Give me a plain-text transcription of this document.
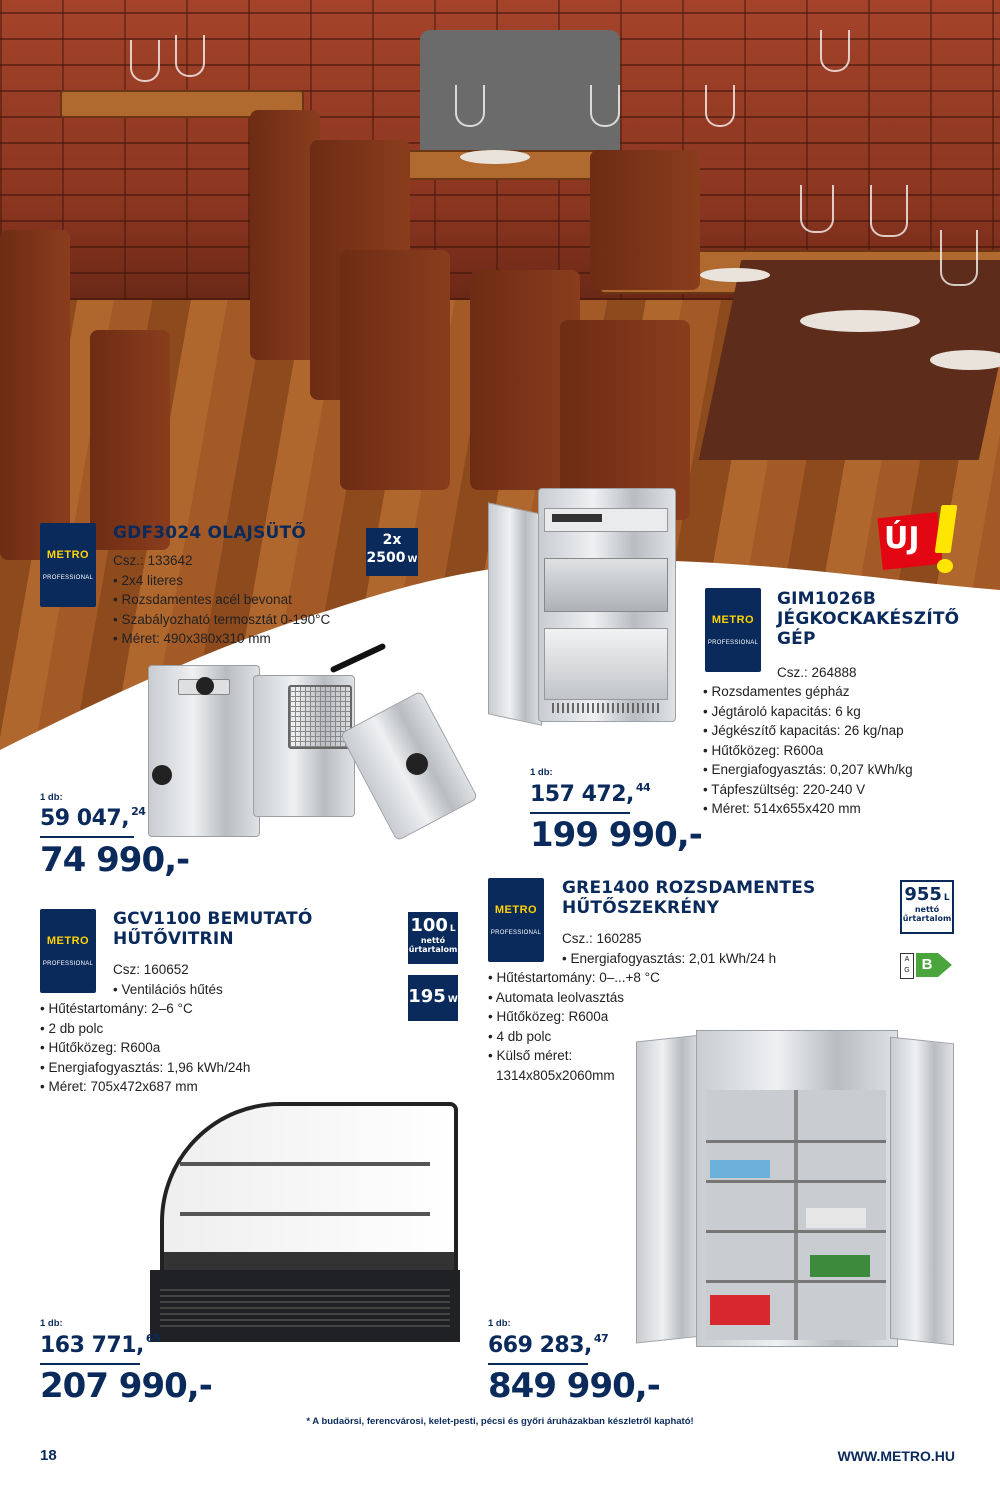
METRO
PROFESSIONAL
GDF3024 OLAJSÜTŐ
Csz.: 133642
• 2x4 literes
• Rozsdamentes acél bevonat
• Szabályozható termosztát 0-190°C
• Méret: 490x380x310 mm
2x
2500 W
1 db:
59 047, $^{24}$
74 990,-
ÚJ
METRO
PROFESSIONAL
GIM1026B
JÉGKOCKAKÉSZÍTŐ
GÉP
Csz.: 264888
• Rozsdamentes gépház
• Jégtároló kapacitás: 6 kg
• Jégkészítő kapacitás: 26 kg/nap
• Hűtőközeg: R600a
• Energiafogyasztás: 0,207 kWh/kg
• Tápfeszültség: 220-240 V
• Méret: 514x655x420 mm
1 db:
157 472, $^{44}$
199 990,-
METRO
PROFESSIONAL
GCV1100 BEMUTATÓ
HŰTŐVITRIN
Csz: 160652
• Ventilációs hűtés
• Hűtéstartomány: 2–6 °C
• 2 db polc
• Hűtőközeg: R600a
• Energiafogyasztás: 1,96 kWh/24h
• Méret: 705x472x687 mm
100 L
nettó
űrtartalom
195 W
1 db:
163 771, $^{65}$
207 990,-
METRO
PROFESSIONAL
GRE1400 ROZSDAMENTES
HŰTŐSZEKRÉNY
Csz.: 160285
• Energiafogyasztás: 2,01 kWh/24 h
• Hűtéstartomány: 0–...+8 °C
• Automata leolvasztás
• Hűtőközeg: R600a
• 4 db polc
• Külső méret:
1314x805x2060mm
955 L
nettó
űrtartalom
A
G B
1 db:
669 283, $^{47}$
849 990,-
* A budaörsi, ferencvárosi, kelet-pesti, pécsi és győri áruházakban készletről kapható!
18	WWW.METRO.HU
